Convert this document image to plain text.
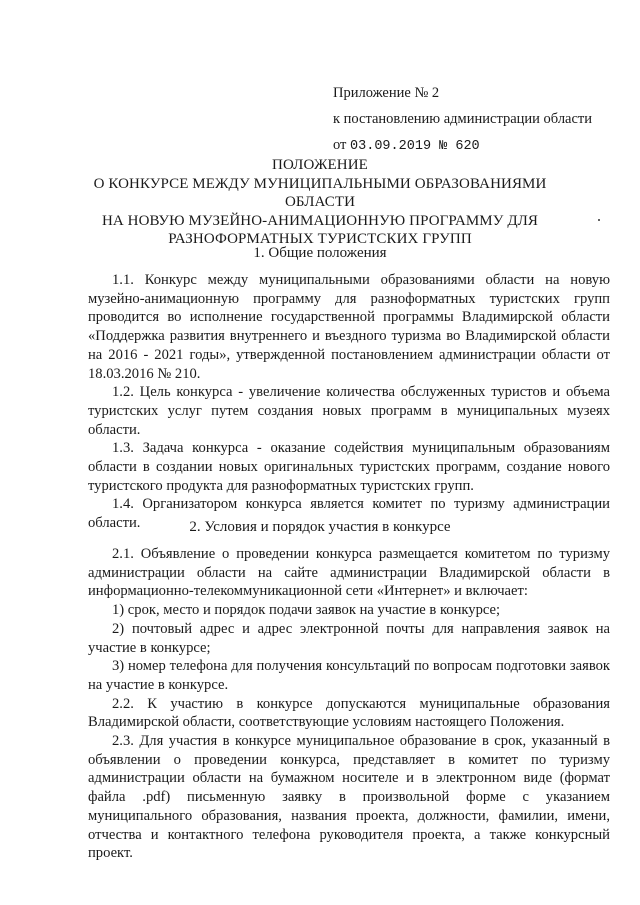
Приложение № 2
к постановлению администрации области
от 03.09.2019 № 620
ПОЛОЖЕНИЕ
О КОНКУРСЕ МЕЖДУ МУНИЦИПАЛЬНЫМИ ОБРАЗОВАНИЯМИ ОБЛАСТИ
НА НОВУЮ МУЗЕЙНО-АНИМАЦИОННУЮ ПРОГРАММУ ДЛЯ
РАЗНОФОРМАТНЫХ ТУРИСТСКИХ ГРУПП
1. Общие положения

1.1. Конкурс между муниципальными образованиями области на новую музейно-анимационную программу для разноформатных туристских групп проводится во исполнение государственной программы Владимирской области «Поддержка развития внутреннего и въездного туризма во Владимирской области на 2016 - 2021 годы», утвержденной постановлением администрации области от 18.03.2016 № 210.

1.2. Цель конкурса - увеличение количества обслуженных туристов и объема туристских услуг путем создания новых программ в муниципальных музеях области.

1.3. Задача конкурса - оказание содействия муниципальным образованиям области в создании новых оригинальных туристских программ, создание нового туристского продукта для разноформатных туристских групп.

1.4. Организатором конкурса является комитет по туризму администрации области.	2. Условия и порядок участия в конкурсе

2.1. Объявление о проведении конкурса размещается комитетом по туризму администрации области на сайте администрации Владимирской области в информационно-телекоммуникационной сети «Интернет» и включает:

1) срок, место и порядок подачи заявок на участие в конкурсе;

2) почтовый адрес и адрес электронной почты для направления заявок на участие в конкурсе;

3) номер телефона для получения консультаций по вопросам подготовки заявок на участие в конкурсе.

2.2. К участию в конкурсе допускаются муниципальные образования Владимирской области, соответствующие условиям настоящего Положения.

2.3. Для участия в конкурсе муниципальное образование в срок, указанный в объявлении о проведении конкурса, представляет в комитет по туризму администрации области на бумажном носителе и в электронном виде (формат файла .pdf) письменную заявку в произвольной форме с указанием муниципального образования, названия проекта, должности, фамилии, имени, отчества и контактного телефона руководителя проекта, а также конкурсный проект.
